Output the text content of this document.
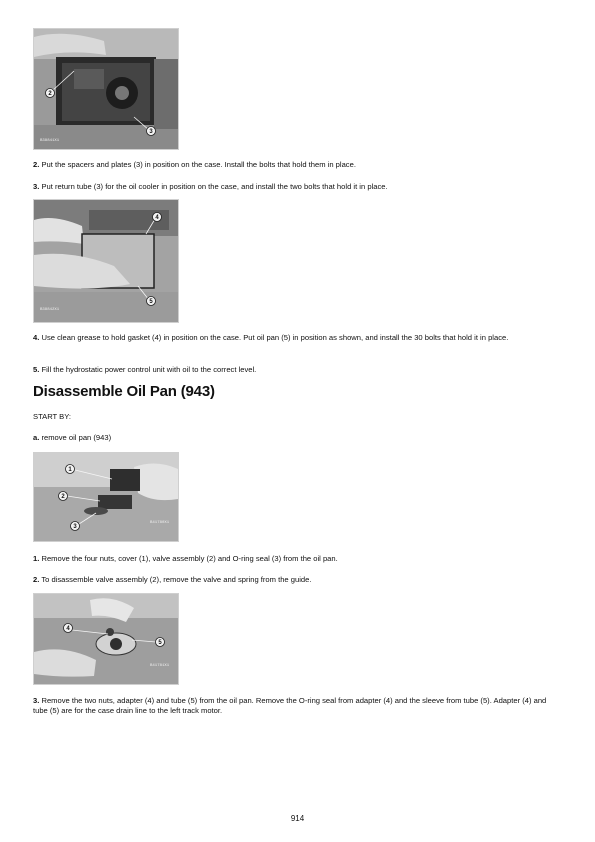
2
3
B38841X1

2. Put the spacers and plates (3) in position on the case. Install the bolts that hold them in place.

3. Put return tube (3) for the oil cooler in position on the case, and install the two bolts that hold it in place.

4
5
B38842X1

4. Use clean grease to hold gasket (4) in position on the case. Put oil pan (5) in position as shown, and install the 30 bolts that hold it in place.

5. Fill the hydrostatic power control unit with oil to the correct level.

Disassemble Oil Pan (943)

START BY:

a. remove oil pan (943)

1
2
3
B41780X1

1. Remove the four nuts, cover (1), valve assembly (2) and O-ring seal (3) from the oil pan.

2. To disassemble valve assembly (2), remove the valve and spring from the guide.

4
5
B41781X1

3. Remove the two nuts, adapter (4) and tube (5) from the oil pan. Remove the O-ring seal from adapter (4) and the sleeve from tube (5). Adapter (4) and tube (5) are for the case drain line to the left track motor.

914
